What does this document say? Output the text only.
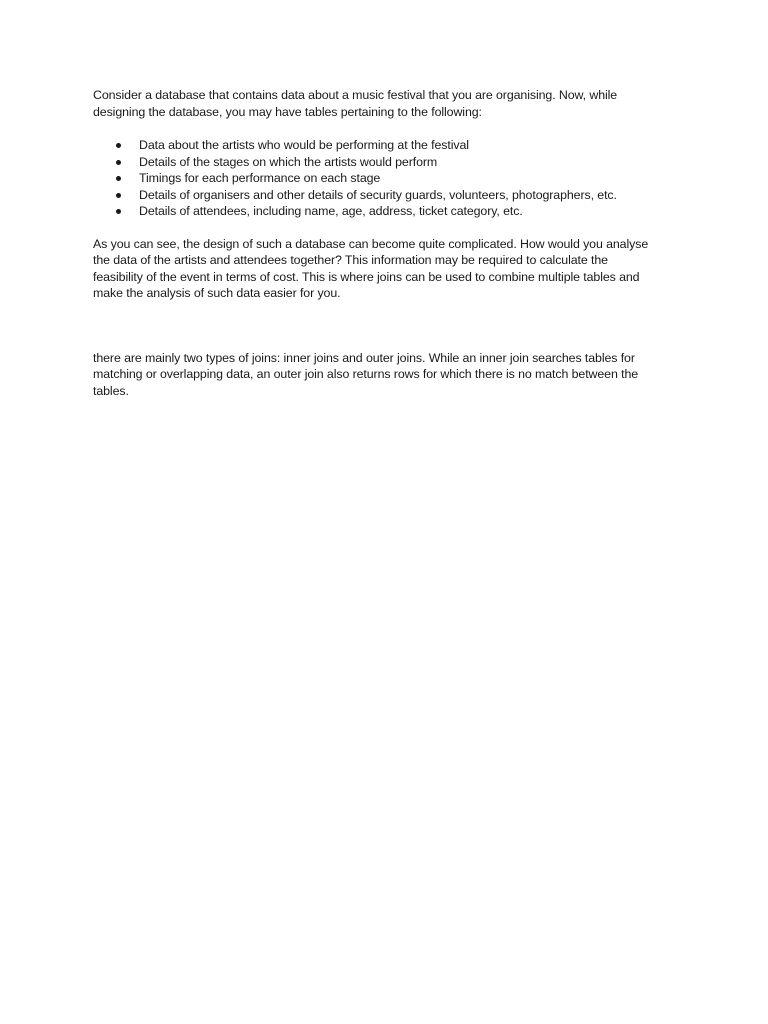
Consider a database that contains data about a music festival that you are organising. Now, while designing the database, you may have tables pertaining to the following:

Data about the artists who would be performing at the festival
Details of the stages on which the artists would perform
Timings for each performance on each stage
Details of organisers and other details of security guards, volunteers, photographers, etc.
Details of attendees, including name, age, address, ticket category, etc.

As you can see, the design of such a database can become quite complicated. How would you analyse the data of the artists and attendees together? This information may be required to calculate the feasibility of the event in terms of cost. This is where joins can be used to combine multiple tables and make the analysis of such data easier for you.

there are mainly two types of joins: inner joins and outer joins. While an inner join searches tables for matching or overlapping data, an outer join also returns rows for which there is no match between the tables.
